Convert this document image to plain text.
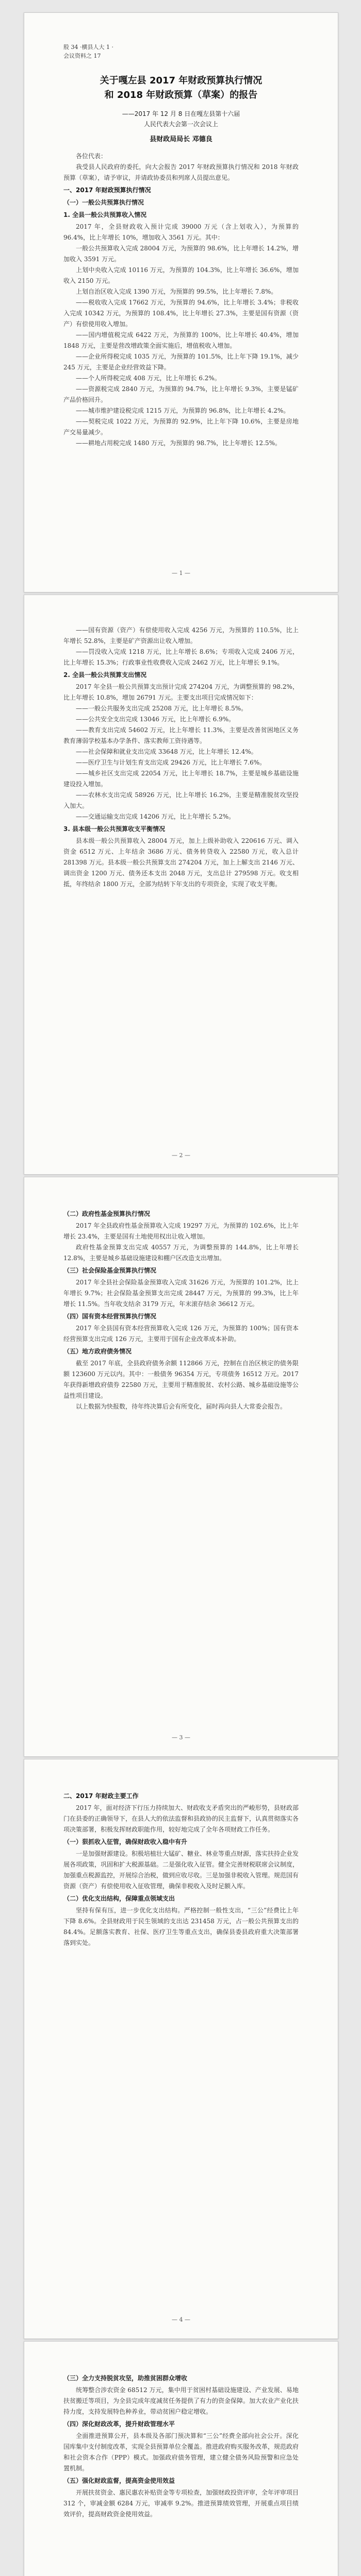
股 34 ·横县人大 1 ·
会议资料之 17
关于嘎左县 2017 年财政预算执行情况
和 2018 年财政预算（草案）的报告
——2017 年 12 月 8 日在嘎左县第十六届
人民代表大会第一次会议上
县财政局局长 邓德良

各位代表：

我受县人民政府的委托，向大会报告 2017 年财政预算执行情况和 2018 年财政预算（草案），请予审议，并请政协委员和列席人员提出意见。

一、2017 年财政预算执行情况

（一）一般公共预算执行情况

1. 全县一般公共预算收入情况

2017 年，全县财政收入预计完成 39000 万元（含上划收入），为预算的 96.4%，比上年增长 10%，增加收入 3561 万元。其中：

一般公共预算收入完成 28004 万元，为预算的 98.6%，比上年增长 14.2%，增加收入 3591 万元。

上划中央收入完成 10116 万元，为预算的 104.3%，比上年增长 36.6%，增加收入 2150 万元。

上划自治区收入完成 1390 万元，为预算的 99.5%，比上年增长 7.8%。

——税收收入完成 17662 万元，为预算的 94.6%，比上年增长 3.4%；非税收入完成 10342 万元，为预算的 108.4%，比上年增长 27.3%，主要是国有资源（资产）有偿使用收入增加。

——国内增值税完成 6422 万元，为预算的 100%，比上年增长 40.4%，增加 1848 万元，主要是营改增政策全面实施后，增值税收入增加。

——企业所得税完成 1035 万元，为预算的 101.5%，比上年下降 19.1%，减少 245 万元，主要是企业经营效益下降。

——个人所得税完成 408 万元，比上年增长 6.2%。

——资源税完成 2840 万元，为预算的 94.7%，比上年增长 9.3%，主要是锰矿产品价格回升。

——城市维护建设税完成 1215 万元，为预算的 96.8%，比上年增长 4.2%。

——契税完成 1022 万元，为预算的 92.9%，比上年下降 10.6%，主要是房地产交易量减少。

——耕地占用税完成 1480 万元，为预算的 98.7%，比上年增长 12.5%。

— 1 —

——国有资源（资产）有偿使用收入完成 4256 万元，为预算的 110.5%，比上年增长 52.8%，主要是矿产资源出让收入增加。

——罚没收入完成 1218 万元，比上年增长 8.6%；专项收入完成 2406 万元，比上年增长 15.3%；行政事业性收费收入完成 2462 万元，比上年增长 9.1%。

2. 全县一般公共预算支出情况

2017 年全县一般公共预算支出预计完成 274204 万元，为调整预算的 98.2%，比上年增长 10.8%，增加 26791 万元。主要支出项目完成情况如下：

——一般公共服务支出完成 25208 万元，比上年增长 8.5%。

——公共安全支出完成 13046 万元，比上年增长 6.9%。

——教育支出完成 54602 万元，比上年增长 11.3%，主要是改善贫困地区义务教育薄弱学校基本办学条件、落实教师工资待遇等。

——社会保障和就业支出完成 33648 万元，比上年增长 12.4%。

——医疗卫生与计划生育支出完成 29426 万元，比上年增长 7.6%。

——城乡社区支出完成 22054 万元，比上年增长 18.7%，主要是城乡基础设施建设投入增加。

——农林水支出完成 58926 万元，比上年增长 16.2%，主要是精准脱贫攻坚投入加大。

——交通运输支出完成 14206 万元，比上年增长 5.2%。

3. 县本级一般公共预算收支平衡情况

县本级一般公共预算收入 28004 万元，加上上级补助收入 220616 万元、调入资金 6512 万元、上年结余 3686 万元、债务转贷收入 22580 万元，收入总计 281398 万元。县本级一般公共预算支出 274204 万元，加上上解支出 2146 万元、调出资金 1200 万元、债务还本支出 2048 万元，支出总计 279598 万元。收支相抵，年终结余 1800 万元，全部为结转下年支出的专项资金，实现了收支平衡。

— 2 —

（二）政府性基金预算执行情况

2017 年全县政府性基金预算收入完成 19297 万元，为预算的 102.6%，比上年增长 23.4%，主要是国有土地使用权出让收入增加。

政府性基金预算支出完成 40557 万元，为调整预算的 144.8%，比上年增长 12.8%，主要是城乡基础设施建设和棚户区改造支出增加。

（三）社会保险基金预算执行情况

2017 年全县社会保险基金预算收入完成 31626 万元，为预算的 101.2%，比上年增长 9.7%；社会保险基金预算支出完成 28447 万元，为预算的 99.3%，比上年增长 11.5%。当年收支结余 3179 万元，年末滚存结余 36612 万元。

（四）国有资本经营预算执行情况

2017 年全县国有资本经营预算收入完成 126 万元，为预算的 100%；国有资本经营预算支出完成 126 万元，主要用于国有企业改革成本补助。

（五）地方政府债务情况

截至 2017 年底，全县政府债务余额 112866 万元，控制在自治区核定的债务限额 123600 万元以内。其中：一般债务 96354 万元，专项债务 16512 万元。2017 年获得新增政府债券 22580 万元，主要用于精准脱贫、农村公路、城乡基础设施等公益性项目建设。

以上数据为快报数，待年终决算后会有所变化，届时再向县人大常委会报告。

— 3 —

二、2017 年财政主要工作

2017 年，面对经济下行压力持续加大、财政收支矛盾突出的严峻形势，县财政部门在县委的正确领导下，在县人大的依法监督和县政协的民主监督下，认真贯彻落实各项决策部署，积极发挥财政职能作用，较好地完成了全年各项财政工作任务。

（一）狠抓收入征管，确保财政收入稳中有升

一是加强财源建设。积极培植壮大锰矿、糖业、林业等重点财源，落实扶持企业发展各项政策，巩固和扩大税源基础。二是强化收入征管。健全完善财税联席会议制度，加强重点税源监控，开展综合治税，做到应收尽收。三是加强非税收入管理。规范国有资源（资产）有偿使用收入征收管理，确保非税收入及时足额入库。

（二）优化支出结构，保障重点领域支出

坚持有保有压，进一步优化支出结构。严格控制一般性支出，“三公”经费比上年下降 8.6%。全县财政用于民生领域的支出达 231458 万元，占一般公共预算支出的 84.4%。足额落实教育、社保、医疗卫生等重点支出，确保县委县政府重大决策部署落到实处。

— 4 —

（三）全力支持脱贫攻坚，助推贫困群众增收

统筹整合涉农资金 68512 万元，集中用于贫困村基础设施建设、产业发展、易地扶贫搬迁等项目，为全县完成年度减贫任务提供了有力的资金保障。加大农业产业化扶持力度，支持发展特色种养业，带动贫困户稳定增收。

（四）深化财政改革，提升财政管理水平

全面推进预算公开，县本级及各部门预决算和“三公”经费全部向社会公开。深化国库集中支付制度改革，实现全县预算单位全覆盖。推进政府购买服务改革，规范政府和社会资本合作（PPP）模式。加强政府债务管理，建立健全债务风险预警和应急处置机制。

（五）强化财政监督，提高资金使用效益

开展扶贫资金、惠民惠农补贴资金等专项检查，加强财政投资评审，全年评审项目 312 个，审减金额 6284 万元，审减率 9.2%。推进预算绩效管理，开展重点项目绩效评价，提高财政资金使用效益。
